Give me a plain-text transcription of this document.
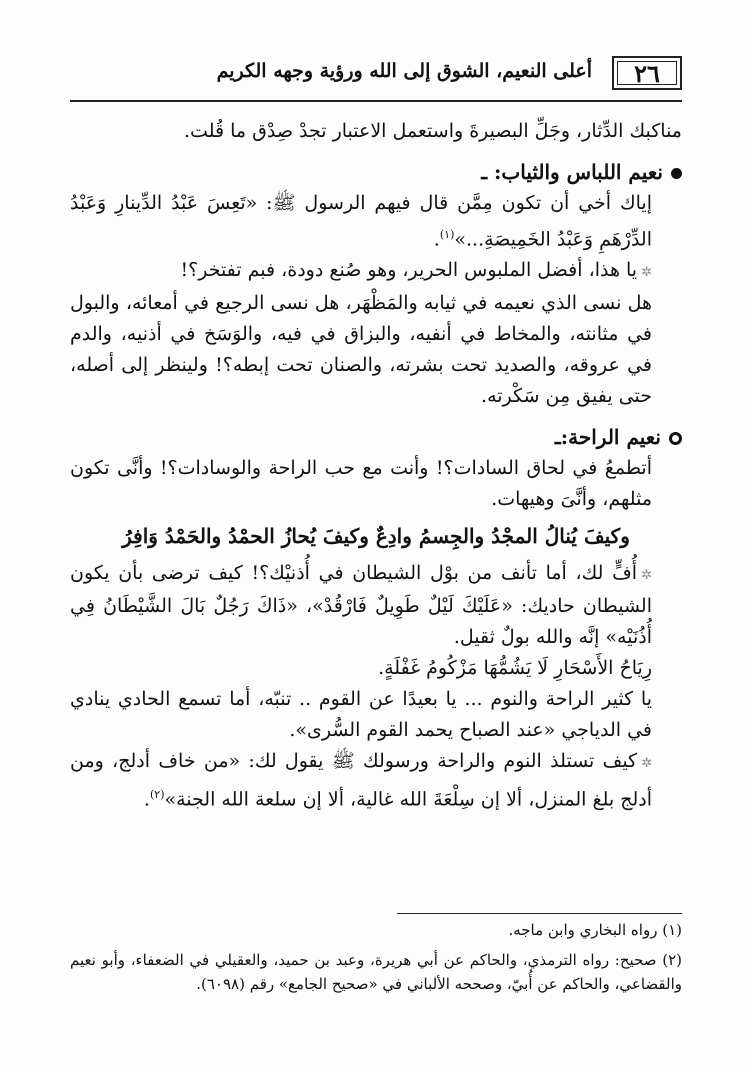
٢٦
أعلى النعيم، الشوق إلى الله ورؤية وجهه الكريم

مناكبك الدِّثار، وجَلِّ البصيرةَ واستعمل الاعتبار تجدْ صِدْق ما قُلت.

نعيم اللباس والثياب: ـ

إياك أخي أن تكون مِمَّن قال فيهم الرسول ﷺ: «تَعِسَ عَبْدُ الدِّينارِ وَعَبْدُ الدِّرْهَمِ وَعَبْدُ الخَمِيصَةِ...»$^{(١)}$.

✲يا هذا، أفضل الملبوس الحرير، وهو صُنع دودة، فبم تفتخر؟!

هل نسى الذي نعيمه في ثيابه والمَظْهَر، هل نسى الرجيع في أمعائه، والبول في مثانته، والمخاط في أنفيه، والبزاق في فيه، والوَسَخ في أذنيه، والدم في عروقه، والصديد تحت بشرته، والصنان تحت إبطه؟! ولينظر إلى أصله، حتى يفيق مِن سَكْرته.

نعيم الراحة:ـ

أتطمعُ في لحاق السادات؟! وأنت مع حب الراحة والوسادات؟! وأنَّى تكون مثلهم، وأنَّىَ وهيهات.

وكيفَ يُنالُ المجْدُ والجِسمُ وادِعٌ وكيفَ يُحازُ الحمْدُ والحَمْدُ وَافِرُ

✲أُفٍّ لك، أما تأنف من بوْل الشيطان في أُذنيْك؟! كيف ترضى بأن يكون الشيطان حاديك: «عَلَيْكَ لَيْلٌ طَوِيلٌ فَارْقُدْ»، «ذَاكَ رَجُلٌ بَالَ الشَّيْطَانُ فِي أُذُنَيْه» إنَّه والله بولٌ ثقيل.

رِيَاحُ الأَسْحَارِ لَا يَشُمُّهَا مَزْكُومُ غَفْلَةٍ.

يا كثير الراحة والنوم ... يا بعيدًا عن القوم .. تنبّه، أما تسمع الحادي ينادي في الدياجي «عند الصباح يحمد القوم السُّرى».

✲كيف تستلذ النوم والراحة ورسولك ﷺ يقول لك: «من خاف أدلج، ومن أدلج بلغ المنزل، ألا إن سِلْعَةَ الله غالية، ألا إن سلعة الله الجنة»$^{(٢)}$.

(١) رواه البخاري وابن ماجه.

(٢) صحيح: رواه الترمذي، والحاكم عن أبي هريرة، وعبد بن حميد، والعقيلي في الضعفاء، وأبو نعيم والقضاعي، والحاكم عن أُبيّ، وصححه الألباني في «صحيح الجامع» رقم (٦٠٩٨).
